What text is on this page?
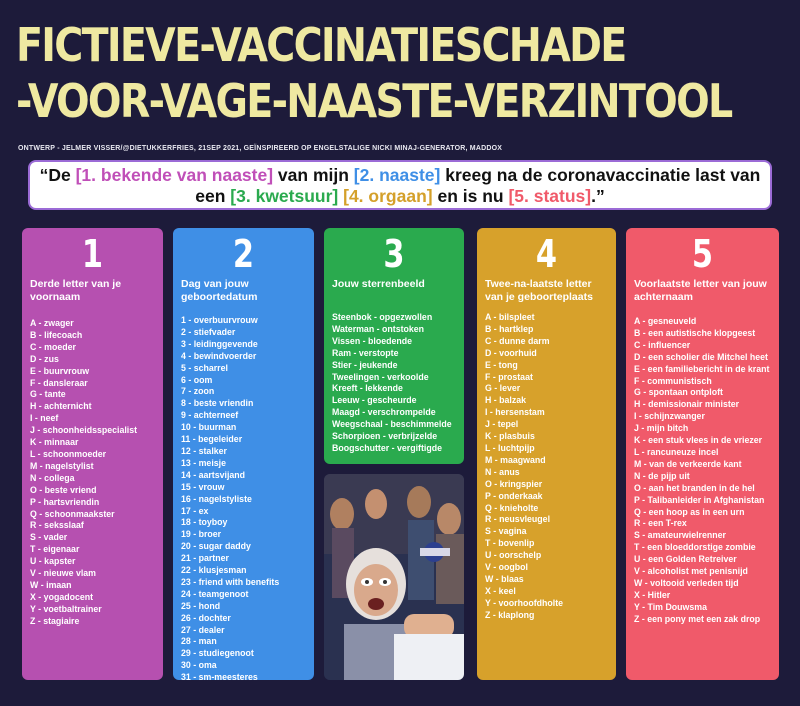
FICTIEVE-VACCINATIESCHADE
-VOOR-VAGE-NAASTE-VERZINTOOL
ONTWERP - JELMER VISSER/@DIETUKKERFRIES, 21SEP 2021, GEÏNSPIREERD OP ENGELSTALIGE NICKI MINAJ-GENERATOR, MADDOX
“De [1. bekende van naaste] van mijn [2. naaste] kreeg na de coronavaccinatie last van een [3. kwetsuur] [4. orgaan] en is nu [5. status].”
1
Derde letter van je voornaam
A - zwager
B - lifecoach
C - moeder
D - zus
E - buurvrouw
F - dansleraar
G - tante
H - achternicht
I - neef
J - schoonheidsspecialist
K - minnaar
L - schoonmoeder
M - nagelstylist
N - collega
O - beste vriend
P - hartsvriendin
Q - schoonmaakster
R - seksslaaf
S - vader
T - eigenaar
U - kapster
V - nieuwe vlam
W - imaan
X - yogadocent
Y - voetbaltrainer
Z - stagiaire
2
Dag van jouw geboortedatum
1 - overbuurvrouw
2 - stiefvader
3 - leidinggevende
4 - bewindvoerder
5 - scharrel
6 - oom
7 - zoon
8 - beste vriendin
9 - achterneef
10 - buurman
11 - begeleider
12 - stalker
13 - meisje
14 - aartsvijand
15 - vrouw
16 - nagelstyliste
17 - ex
18 - toyboy
19 - broer
20 - sugar daddy
21 - partner
22 - klusjesman
23 - friend with benefits
24 - teamgenoot
25 - hond
26 - dochter
27 - dealer
28 - man
29 - studiegenoot
30 - oma
31 - sm-meesteres
3
Jouw sterrenbeeld
Steenbok - opgezwollen
Waterman - ontstoken
Vissen - bloedende
Ram - verstopte
Stier - jeukende
Tweelingen - verkoolde
Kreeft - lekkende
Leeuw - gescheurde
Maagd - verschrompelde
Weegschaal - beschimmelde
Schorpioen - verbrijzelde
Boogschutter - vergiftigde
4
Twee-na-laatste letter van je geboorteplaats
A - bilspleet
B - hartklep
C - dunne darm
D - voorhuid
E - tong
F - prostaat
G - lever
H - balzak
I - hersenstam
J - tepel
K - plasbuis
L - luchtpijp
M - maagwand
N - anus
O - kringspier
P - onderkaak
Q - knieholte
R - neusvleugel
S - vagina
T - bovenlip
U - oorschelp
V - oogbol
W - blaas
X - keel
Y - voorhoofdholte
Z - klaplong
5
Voorlaatste letter van jouw achternaam
A - gesneuveld
B - een autistische klopgeest
C - influencer
D - een scholier die Mitchel heet
E - een familiebericht in de krant
F - communistisch
G - spontaan ontploft
H - demissionair minister
I - schijnzwanger
J - mijn bitch
K - een stuk vlees in de vriezer
L - rancuneuze incel
M - van de verkeerde kant
N - de pijp uit
O - aan het branden in de hel
P - Talibanleider in Afghanistan
Q - een hoop as in een urn
R - een T-rex
S - amateurwielrenner
T - een bloeddorstige zombie
U - een Golden Retreiver
V - alcoholist met penisnijd
W - voltooid verleden tijd
X - Hitler
Y - Tim Douwsma
Z - een pony met een zak drop
